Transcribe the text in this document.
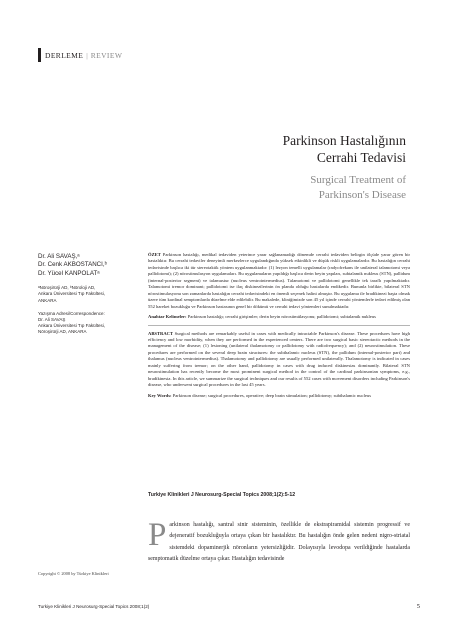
DERLEME | REVIEW
Parkinson Hastalığının
Cerrahi Tedavisi
Surgical Treatment of
Parkinson's Disease
Dr. Ali SAVAŞ,ᵃ
Dr. Cenk AKBOSTANCI,ᵇ
Dr. Yücel KANPOLATᵃ
ᵃNöroşirürji AD, ᵇNöroloji AD,
Ankara Üniversitesi Tıp Fakültesi,
ANKARA
Yazışma Adresi/Correspondence:
Dr. Ali SAVAŞ
Ankara Üniversitesi Tıp Fakültesi,
Nöroşirürji AD, ANKARA

ÖZET Parkinson hastalığı, medikal tedaviden yeterince yarar sağlanamadığı dönemde cerrahi tedaviden belirgin ölçüde yarar gören bir hastalıktır. Bu cerrahi tedaviler deneyimli merkezlerce uygulandığında yüksek etkinlikli ve düşük riskli uygulamalardır. Bu hastalığın cerrahi tedavisinde başlıca iki tür stereotaktik yöntem uygulanmaktadır: (1) lezyon temelli uygulamalar (radyofrekans ile unilateral talamotomi veya pallidotomi); (2) nörostimulasyon uygulamaları. Bu uygulamaların yapıldığı başlıca derin beyin yapıları, subtalamik nukleus (STN), pallidum (internal-posterior segment) ve talamustur (nucleus ventrointermedius). Talamotomi ve pallidotomi genellikle tek taraflı yapılmaktadır. Talamotomi tremor dominant; pallidotomi ise ilaç diskinezilerinin ön planda olduğu hastalarda endikedir. Bununla birlikte, bilateral STN nörostimulasyonu son zamanlarda hastalığın cerrahi tedavisindeki en önemli seçenek halini almıştır. Bu uygulama ile bradikinezi başta olmak üzere tüm kardinal semptomlarda düzelme elde edilebilir. Bu makalede, kliniğimizde son 45 yıl içinde cerrahi yöntemlerle tedavi edilmiş olan 552 hareket bozukluğu ve Parkinson hastasının genel bir dökümü ve cerrahi tedavi yöntemleri sunulmaktadır.

Anahtar Kelimeler: Parkinson hastalığı; cerrahi girişimler; derin beyin nörostimülasyonu; pallidotomi; subtalamik nukleus

ABSTRACT Surgical methods are remarkably useful in cases with medically intractable Parkinson's disease. These procedures have high efficiency and low morbidity, when they are performed in the experienced centers. There are two surgical basic stereotactic methods in the management of the disease; (1) lesioning (unilateral thalamotomy or pallidotomy with radiofrequency); and (2) neurostimulation. These procedures are performed on the several deep brain structures: the subthalamic nucleus (STN), the pallidum (internal-posterior part) and thalamus (nucleus ventrointermedius). Thalamotomy and pallidotomy are usually performed unilaterally. Thalamotomy is indicated in cases mainly suffering from tremor; on the other hand, pallidotomy in cases with drug induced diskinesias dominantly. Bilateral STN neurostimulation has recently become the most prominent surgical method in the control of the cardinal parkinsonian symptoms, e.g., bradikinesia. In this article, we summarize the surgical techniques and our results of 552 cases with movement disorders including Parkinson's disease, who underwent surgical procedures in the last 45 years.

Key Words: Parkinson disease; surgical procedures, operative; deep brain stimulation; pallidotomy; subthalamic nucleus

Turkiye Klinikleri J Neurosurg-Special Topics 2008;1(2):5-12
Parkinson hastalığı, santral sinir sisteminin, özellikle de ekstrapiramidal sistemin progressif ve dejeneratif bozukluğuyla ortaya çıkan bir hastalıktır. Bu hastalığın önde gelen nedeni nigro-striatal sistemdeki dopaminerjik nöronların yetersizliğidir. Dolayısıyla levodopa verildiğinde hastalarda semptomatik düzelme ortaya çıkar. Hastalığın tedavisinde
Copyright © 2008 by Türkiye Klinikleri
Turkiye Klinikleri J Neurosurg-Special Topics 2008;1(2)	5
